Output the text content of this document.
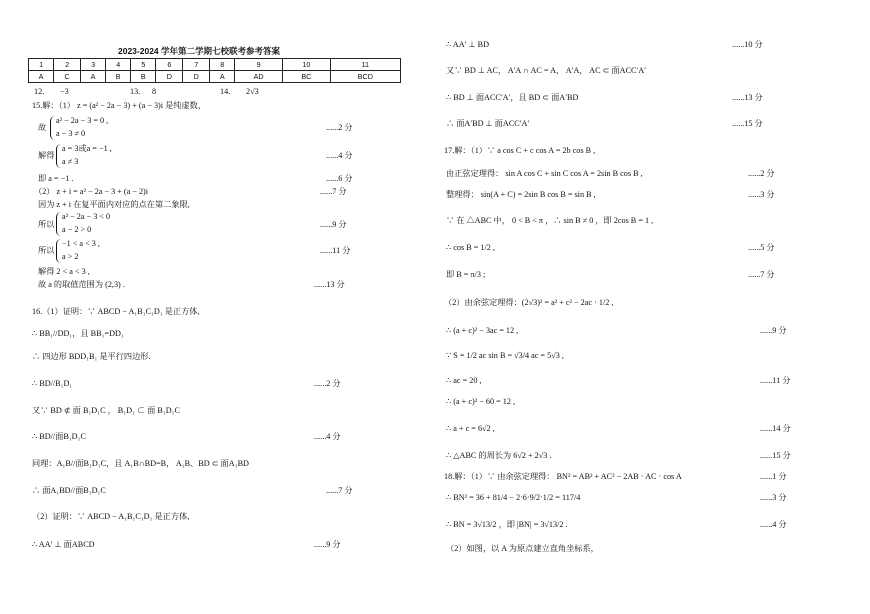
2023-2024 学年第二学期七校联考参考答案
1	2	3	4	5	6	7	8	9	10	11
A	C	A	B	B	D	D	A	AD	BC	BCD
12. −3	13. 8	14. 2√3
15.解：（1） z = (a² − 2a − 3) + (a − 3)i 是纯虚数，
故
a² − 2a − 3 = 0 ,
a − 3 ≠ 0
......2 分
解得
a = 3或a = −1 ,
a ≠ 3
......4 分
即 a = −1 .	......6 分
（2） z + i = a² − 2a − 3 + (a − 2)i	......7 分
因为 z + i 在复平面内对应的点在第二象限,
所以
a² − 2a − 3 < 0
a − 2 > 0
......9 分
所以
−1 < a < 3 ,
a > 2
......11 分
解得 2 < a < 3 ,
故 a 的取值范围为 (2,3) .	......13 分
16.（1）证明：∵ ABCD − A₁B₁C₁D₁ 是正方体,
∴ BB₁//DD₁，且 BB₁=DD₁
∴ 四边形 BDD₁B₁ 是平行四边形.
∴ BD//B₁D₁	......2 分
又∵ BD ⊄ 面 B₁D₁C ， B₁D₁ ⊂ 面 B₁D₁C
∴ BD//面B₁D₁C	......4 分
同理：A₁B//面B₁D₁C，且 A₁B∩BD=B， A₁B、BD ⊂ 面A₁BD
∴ 面A₁BD//面B₁D₁C	......7 分
（2）证明：∵ ABCD − A₁B₁C₁D₁ 是正方体,
∴ AA′ ⊥ 面ABCD	......9 分
∴ AA′ ⊥ BD	......10 分
又∵ BD ⊥ AC， A′A ∩ AC = A， A′A， AC ⊂ 面ACC′A′
∴ BD ⊥ 面ACC′A′，且 BD ⊂ 面A′BD	......13 分
∴ 面A′BD ⊥ 面ACC′A′	......15 分
17.解：（1）∵ a cos C + c cos A = 2b cos B ,
由正弦定理得： sin A cos C + sin C cos A = 2sin B cos B ,	......2 分
整理得： sin(A + C) = 2sin B cos B = sin B ,	......3 分
∵ 在 △ABC 中， 0 < B < π ，∴ sin B ≠ 0 ，即 2cos B = 1 ,
∴ cos B = 1/2 ,	......5 分
即 B = π/3 ;	......7 分
（2）由余弦定理得：(2√3)² = a² + c² − 2ac · 1/2 ,
∴ (a + c)² − 3ac = 12 ,	......9 分
∵ S = 1/2 ac sin B = √3/4 ac = 5√3 ,
∴ ac = 20 ,	......11 分
∴ (a + c)² − 60 = 12 ,
∴ a + c = 6√2 ,	......14 分
∴ △ABC 的周长为 6√2 + 2√3 .	......15 分
18.解：（1）∵ 由余弦定理得： BN² = AB² + AC² − 2AB · AC · cos A	......1 分
∴ BN² = 36 + 81/4 − 2·6·9/2·1/2 = 117/4	......3 分
∴ BN = 3√13/2 ，即 |BN| = 3√13/2 .	......4 分
（2）如图，以 A 为原点建立直角坐标系，
